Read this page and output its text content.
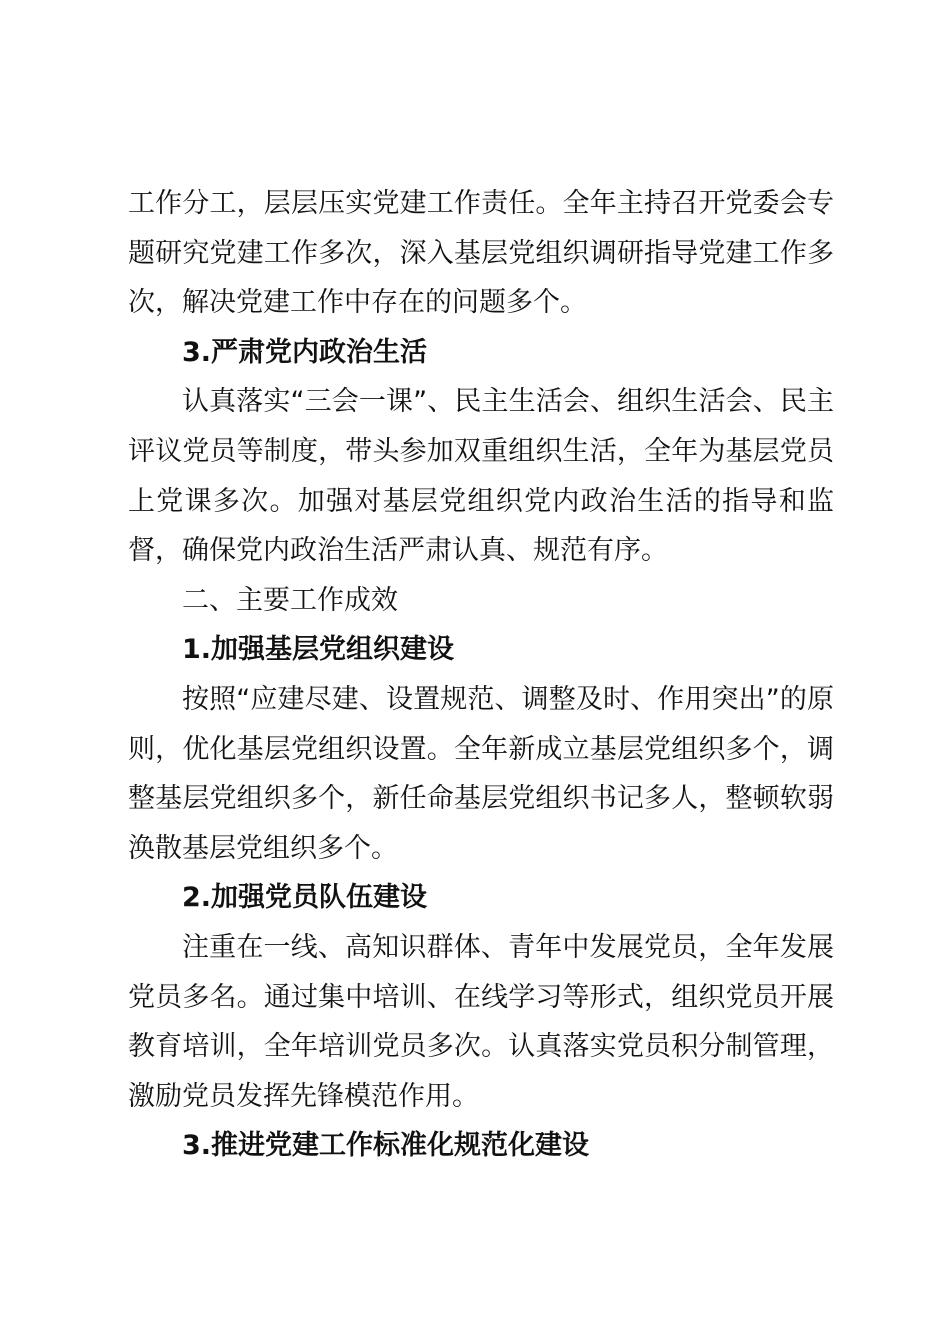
工作分工，层层压实党建工作责任。全年主持召开党委会专题研究党建工作多次，深入基层党组织调研指导党建工作多次，解决党建工作中存在的问题多个。

3.严肃党内政治生活

认真落实“三会一课”、民主生活会、组织生活会、民主评议党员等制度，带头参加双重组织生活，全年为基层党员上党课多次。加强对基层党组织党内政治生活的指导和监督，确保党内政治生活严肃认真、规范有序。

二、主要工作成效

1.加强基层党组织建设

按照“应建尽建、设置规范、调整及时、作用突出”的原则，优化基层党组织设置。全年新成立基层党组织多个，调整基层党组织多个，新任命基层党组织书记多人，整顿软弱涣散基层党组织多个。

2.加强党员队伍建设

注重在一线、高知识群体、青年中发展党员，全年发展党员多名。通过集中培训、在线学习等形式，组织党员开展教育培训，全年培训党员多次。认真落实党员积分制管理，激励党员发挥先锋模范作用。

3.推进党建工作标准化规范化建设
